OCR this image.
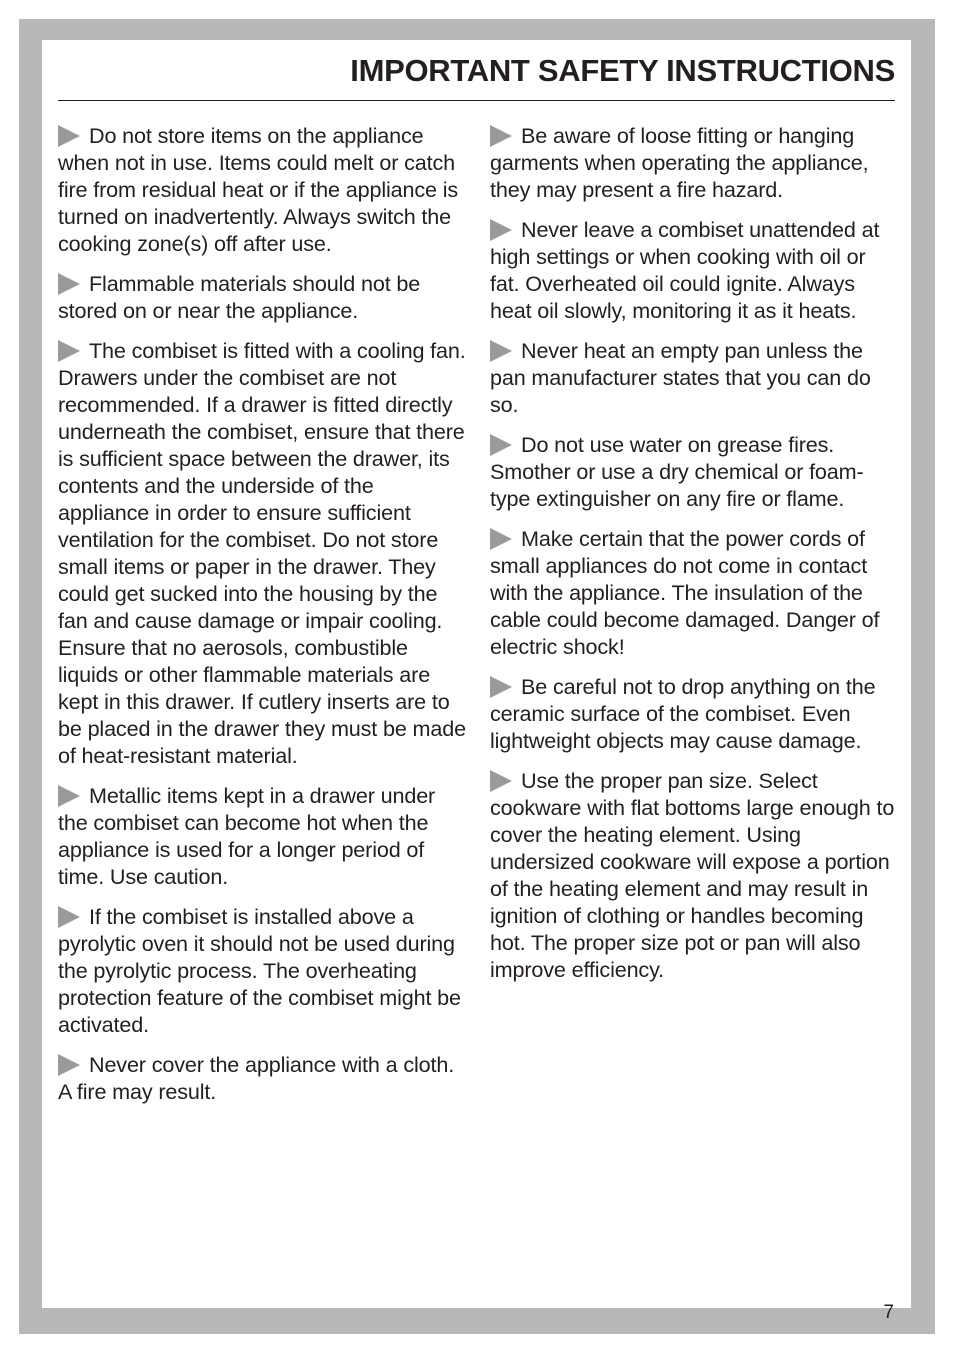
IMPORTANT SAFETY INSTRUCTIONS

Do not store items on the appliance when not in use. Items could melt or catch fire from residual heat or if the appliance is turned on inadvertently. Always switch the cooking zone(s) off after use.

Flammable materials should not be stored on or near the appliance.

The combiset is fitted with a cooling fan. Drawers under the combiset are not recommended. If a drawer is fitted directly underneath the combiset, ensure that there is sufficient space between the drawer, its contents and the underside of the appliance in order to ensure sufficient ventilation for the combiset. Do not store small items or paper in the drawer. They could get sucked into the housing by the fan and cause damage or impair cooling. Ensure that no aerosols, combustible liquids or other flammable materials are kept in this drawer. If cutlery inserts are to be placed in the drawer they must be made of heat-resistant material.

Metallic items kept in a drawer under the combiset can become hot when the appliance is used for a longer period of time. Use caution.

If the combiset is installed above a pyrolytic oven it should not be used during the pyrolytic process. The overheating protection feature of the combiset might be activated.

Never cover the appliance with a cloth. A fire may result.

Be aware of loose fitting or hanging garments when operating the appliance, they may present a fire hazard.

Never leave a combiset unattended at high settings or when cooking with oil or fat. Overheated oil could ignite. Always heat oil slowly, monitoring it as it heats.

Never heat an empty pan unless the pan manufacturer states that you can do so.

Do not use water on grease fires. Smother or use a dry chemical or foam-type extinguisher on any fire or flame.

Make certain that the power cords of small appliances do not come in contact with the appliance. The insulation of the cable could become damaged. Danger of electric shock!

Be careful not to drop anything on the ceramic surface of the combiset. Even lightweight objects may cause damage.

Use the proper pan size. Select cookware with flat bottoms large enough to cover the heating element. Using undersized cookware will expose a portion of the heating element and may result in ignition of clothing or handles becoming hot. The proper size pot or pan will also improve efficiency.

7
